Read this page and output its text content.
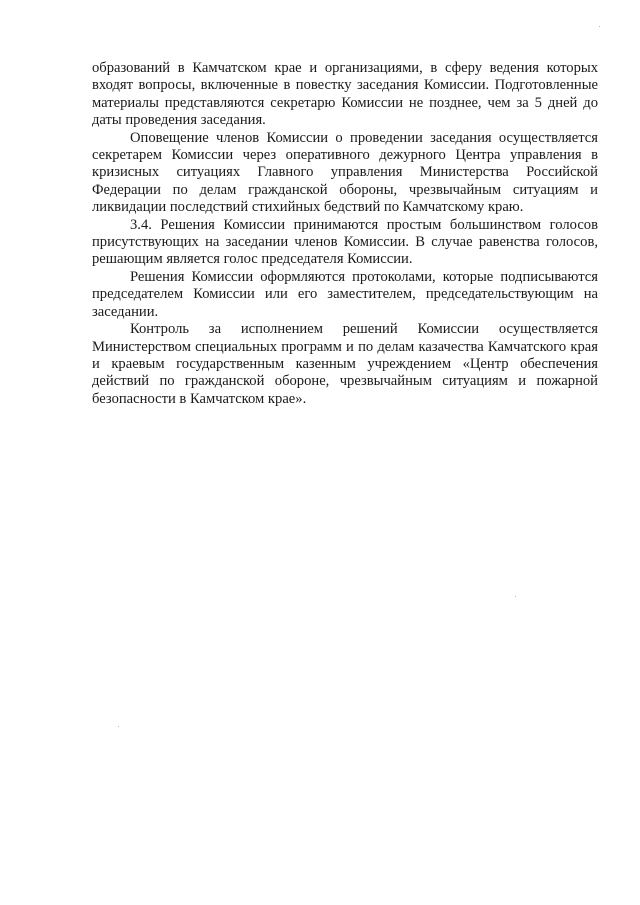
образований в Камчатском крае и организациями, в сферу ведения которых входят вопросы, включенные в повестку заседания Комиссии. Подготовленные материалы представляются секретарю Комиссии не позднее, чем за 5 дней до даты проведения заседания.

Оповещение членов Комиссии о проведении заседания осуществляется секретарем Комиссии через оперативного дежурного Центра управления в кризисных ситуациях Главного управления Министерства Российской Федерации по делам гражданской обороны, чрезвычайным ситуациям и ликвидации последствий стихийных бедствий по Камчатскому краю.

3.4. Решения Комиссии принимаются простым большинством голосов присутствующих на заседании членов Комиссии. В случае равенства голосов, решающим является голос председателя Комиссии.

Решения Комиссии оформляются протоколами, которые подписываются председателем Комиссии или его заместителем, председательствующим на заседании.

Контроль за исполнением решений Комиссии осуществляется Министерством специальных программ и по делам казачества Камчатского края и краевым государственным казенным учреждением «Центр обеспечения действий по гражданской обороне, чрезвычайным ситуациям и пожарной безопасности в Камчатском крае».
